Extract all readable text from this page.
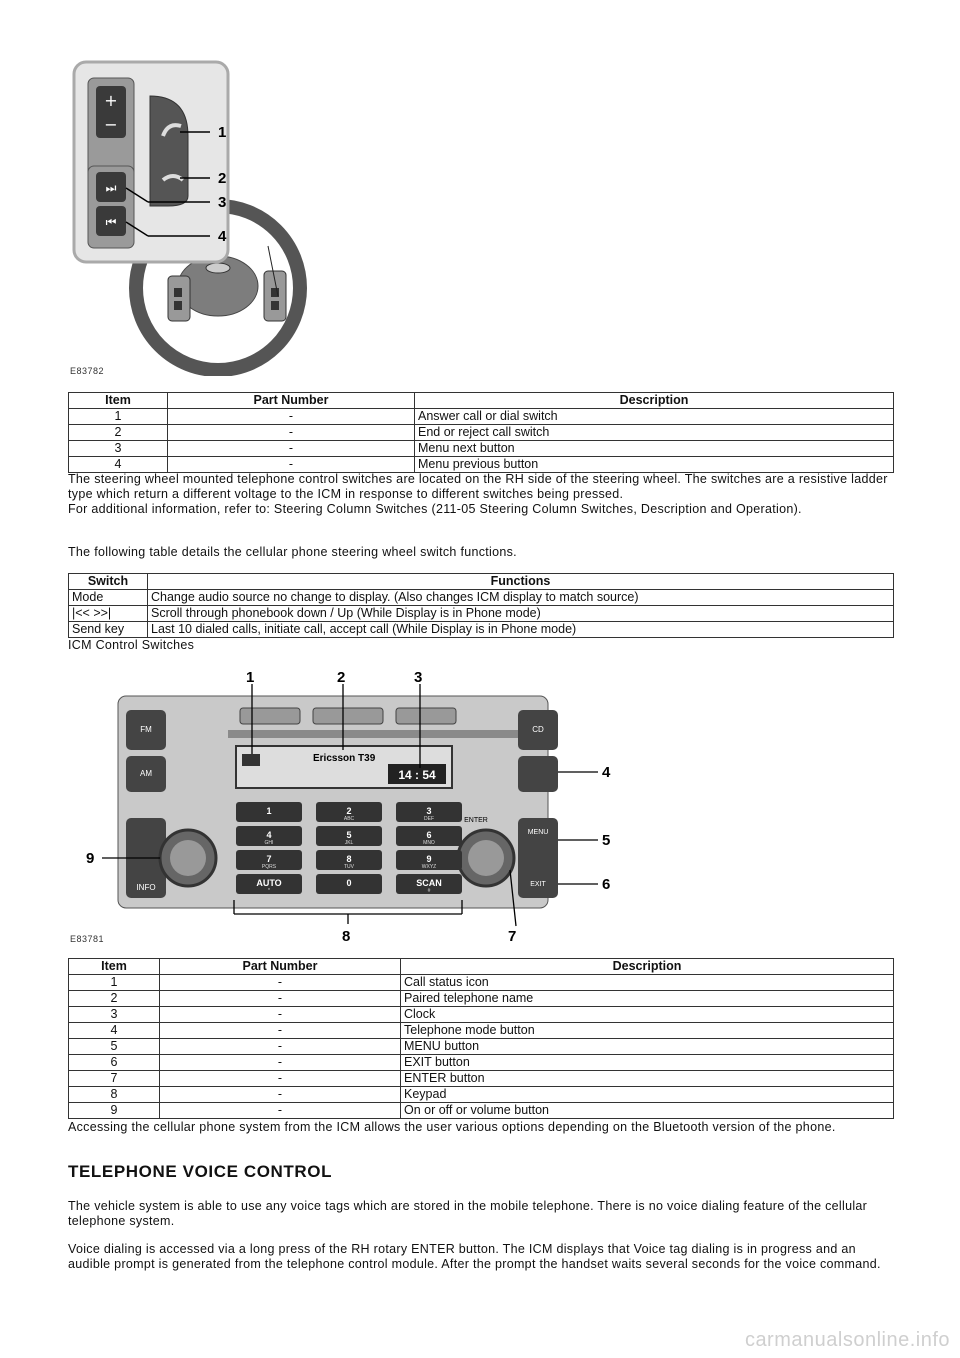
+
−
⏭
⏮
1
2
3
4
E83782
Item	Part Number	Description
1	-	Answer call or dial switch
2	-	End or reject call switch
3	-	Menu next button
4	-	Menu previous button
The steering wheel mounted telephone control switches are located on the RH side of the steering wheel. The switches are a resistive ladder type which return a different voltage to the ICM in response to different switches being pressed.
For additional information, refer to: Steering Column Switches (211-05 Steering Column Switches, Description and Operation).
The following table details the cellular phone steering wheel switch functions.
Switch	Functions
Mode	Change audio source no change to display. (Also changes ICM display to match source)
|<< >>|	Scroll through phonebook down / Up (While Display is in Phone mode)
Send key	Last 10 dialed calls, initiate call, accept call (While Display is in Phone mode)
ICM Control Switches
Ericsson T39
14 : 54
FM
AM
INFO
CD
MENU
EXIT
ENTER
1	2
ABC
3
DEF
4
GHI
5
JKL
6
MNO
7
PQRS
8
TUV
9
WXYZ
AUTO
*
0	SCAN
#
1	2	3
4
5
6
7
8
9
E83781
Item	Part Number	Description
1	-	Call status icon
2	-	Paired telephone name
3	-	Clock
4	-	Telephone mode button
5	-	MENU button
6	-	EXIT button
7	-	ENTER button
8	-	Keypad
9	-	On or off or volume button
Accessing the cellular phone system from the ICM allows the user various options depending on the Bluetooth version of the phone.
TELEPHONE VOICE CONTROL
The vehicle system is able to use any voice tags which are stored in the mobile telephone. There is no voice dialing feature of the cellular telephone system.
Voice dialing is accessed via a long press of the RH rotary ENTER button. The ICM displays that Voice tag dialing is in progress and an audible prompt is generated from the telephone control module. After the prompt the handset waits several seconds for the voice command.
carmanualsonline.info
